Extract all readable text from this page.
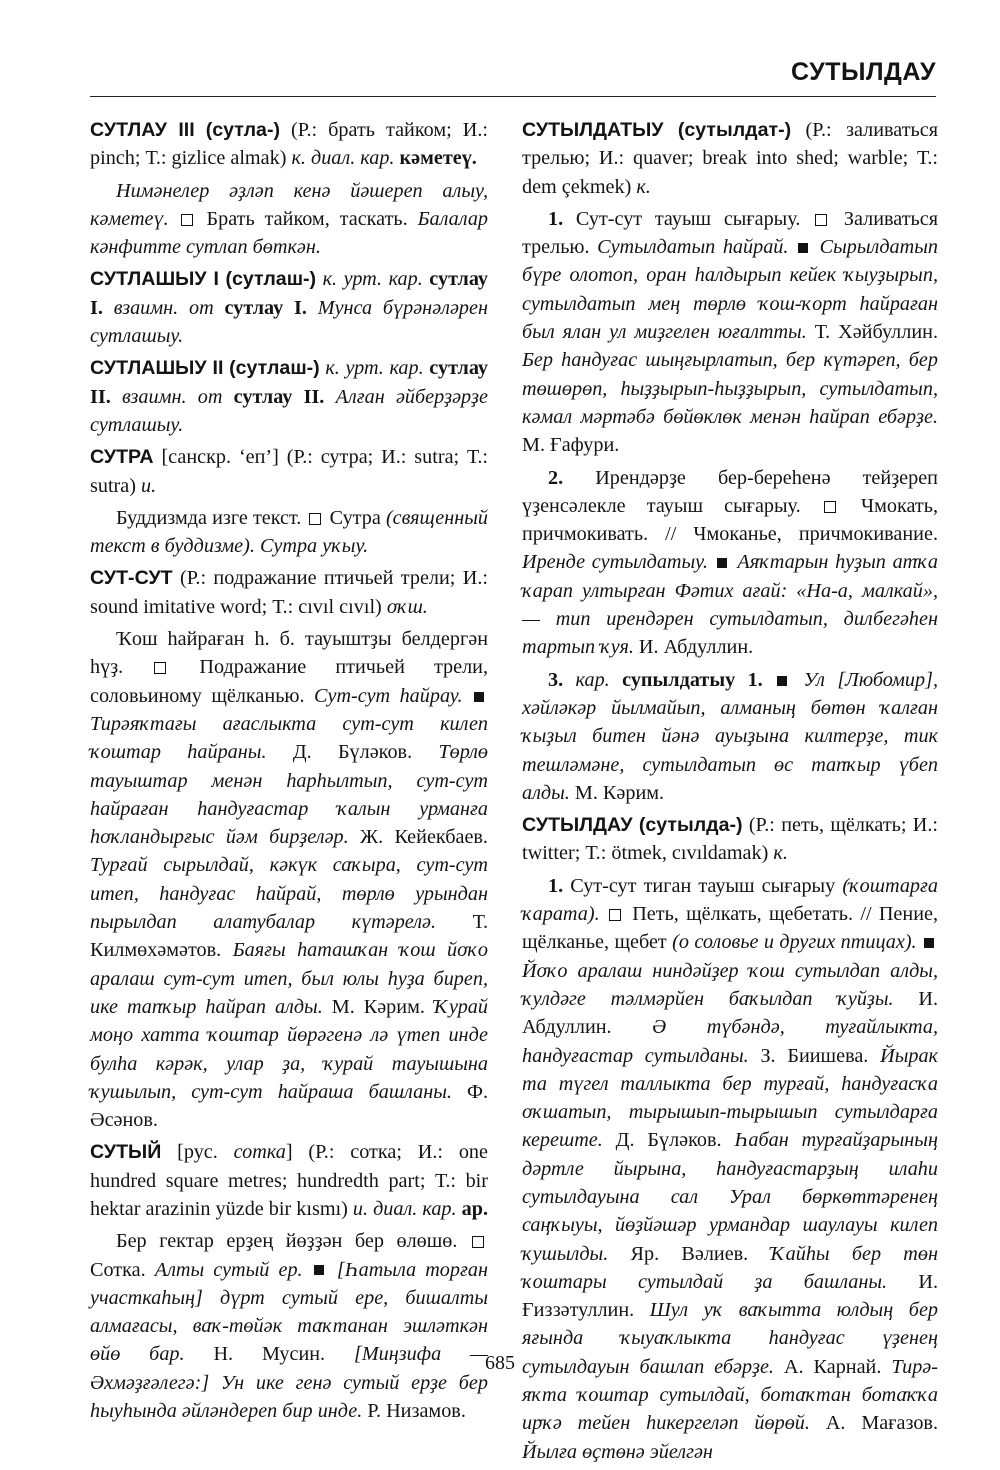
СУТЫЛДАУ

СУТЛАУ III (сутла-) (Р.: брать тайком; И.: pinch; Т.: gizlice almak) к. диал. кар. кәметеү.

Нимәнелер әҙләп кенә йәшереп алыу, кәметеү.  Брать тайком, таскать. Балалар кәнфитте сутлап бөткән.

СУТЛАШЫУ I (сутлаш-) к. урт. кар. сутлау I. взаимн. от сутлау I. Мунса бүрәнәләрен сутлашыу.

СУТЛАШЫУ II (сутлаш-) к. урт. кар. сутлау II. взаимн. от сутлау II. Алған әйберҙәрҙе сутлашыу.

СУТРА [санскр. ‘еп’] (Р.: сутра; И.: sutra; Т.: sutra) и.

Буддизмда изге текст.  Сутра (священный текст в буддизме). Сутра уҡыу.

СУТ-СУТ (Р.: подражание птичьей трели; И.: sound imitative word; Т.: cıvıl cıvıl) оҡш.

Ҡош һайраған һ. б. тауыштҙы белдергән һүҙ.  Подражание птичьей трели, соловьиному щёлканью. Сут-сут һайрау.  Тирәяҡтағы ағаслыкта сут-сут килеп ҡоштар һайраны. Д. Бүләков. Төрлө тауыштар менән һарһылтып, сут-сут һайраған һандуғастар ҡалын урманға һоҡландырғыс йәм бирҙеләр. Ж. Кейекбаев. Турғай сырылдай, кәкүк саҡыра, сут-сут итеп, һандуғас һайрай, төрлө урындан пырылдап алатубалар күтәрелә. Т. Килмөхәмәтов. Баяғы һаташҡан ҡош йоҡо аралаш сут-сут итеп, был юлы һуҙа биреп, ике тапҡыр һайрап алды. М. Кәрим. Ҡурай моңо хатта ҡоштар йөрәгенә лә үтеп инде булһа кәрәк, улар ҙа, ҡурай тауышына ҡушылып, сут-сут һайраша башланы. Ф. Әсәнов.

СУТЫЙ [рус. сотка] (Р.: сотка; И.: one hundred square metres; hundredth part; Т.: bir hektar arazinin yüzde bir kısmı) и. диал. кар. ар.

Бер гектар ерҙең йөҙҙән бер өлөшө.  Сотка. Алты сутый ер.  [Һатыла торған участкаһың] дүрт сутый ере, бишалты алмағасы, ваҡ-төйәк таҡтанан эшләткән өйө бар. Н. Мусин. [Миңзифа — Әхмәҙғәлегә:] Ун ике генә сутый ерҙе бер һыуһында әйләндереп бир инде. Р. Низамов.

СУТЫЛДАТЫУ (сутылдат-) (Р.: заливаться трелью; И.: quaver; break into shed; warble; Т.: dem çekmek) к.

1. Сут-сут тауыш сығарыу.  Заливаться трелью. Сутылдатып һайрай.  Сырылдатып бүре олотоп, оран һалдырып кейек ҡыуҙырып, сутылдатып мең төрлө ҡош-ҡорт һайраған был ялан ул миҙгелен юғалтты. Т. Хәйбуллин. Бер һандуғас шыңғырлатып, бер күтәреп, бер төшөрөп, һыҙҙырып-һыҙҙырып, сутылдатып, кәмал мәртәбә бөйөклөк менән һайрап ебәрҙе. М. Ғафури.

2. Ирендәрҙе бер-береһенә тейҙереп үҙенсәлекле тауыш сығарыу.  Чмокать, причмокивать. // Чмоканье, причмокивание. Иренде сутылдатыу.  Аяҡтарын һуҙып атҡа ҡарап ултырған Фәтих ағай: «На-а, малкай», — тип ирендәрен сутылдатып, дилбегәһен тартып ҡуя. И. Абдуллин.

3. кар. супылдатыу 1.  Ул [Любомир], хәйләкәр йылмайып, алманың бөтөн ҡалған ҡыҙыл битен йәнә ауыҙына килтерҙе, тик тешләмәне, сутылдатып өс тапҡыр үбеп алды. М. Кәрим.

СУТЫЛДАУ (сутылда-) (Р.: петь, щёлкать; И.: twitter; Т.: ötmek, cıvıldamak) к.

1. Сут-сут тиган тауыш сығарыу (ҡоштарға ҡарата).  Петь, щёлкать, щебетать. // Пение, щёлканье, щебет (о соловье и других птицах).  Йоҡо аралаш ниндәйҙер ҡош сутылдап алды, ҡулдәге тәлмәрйен баҡылдап ҡуйҙы. И. Абдуллин. Ә түбәндә, туғайлыкта, һандуғастар сутылданы. З. Биишева. Йырак та түгел таллыкта бер турғай, һандуғасҡа оҡшатып, тырышып-тырышып сутылдарға кереште. Д. Бүләков. Һабан турғайҙарының дәртле йырына, һандуғастарҙың илаһи сутылдауына сал Урал бөркөттәренең саңҡыуы, йөҙйәшәр урмандар шаулауы килеп ҡушылды. Яр. Вәлиев. Ҡайһы бер төн ҡоштары сутылдай ҙа башланы. И. Ғиззәтуллин. Шул уҡ ваҡытта юлдың бер яғында ҡыуаҡлыкта һандуғас үҙенең сутылдауын башлап ебәрҙе. А. Карнай. Тирә-яҡта ҡоштар сутылдай, ботаҡтан ботаҡҡа ирҡә тейен һикергеләп йөрөй. А. Мағазов. Йылға өҫтөнә эйелгән

685
